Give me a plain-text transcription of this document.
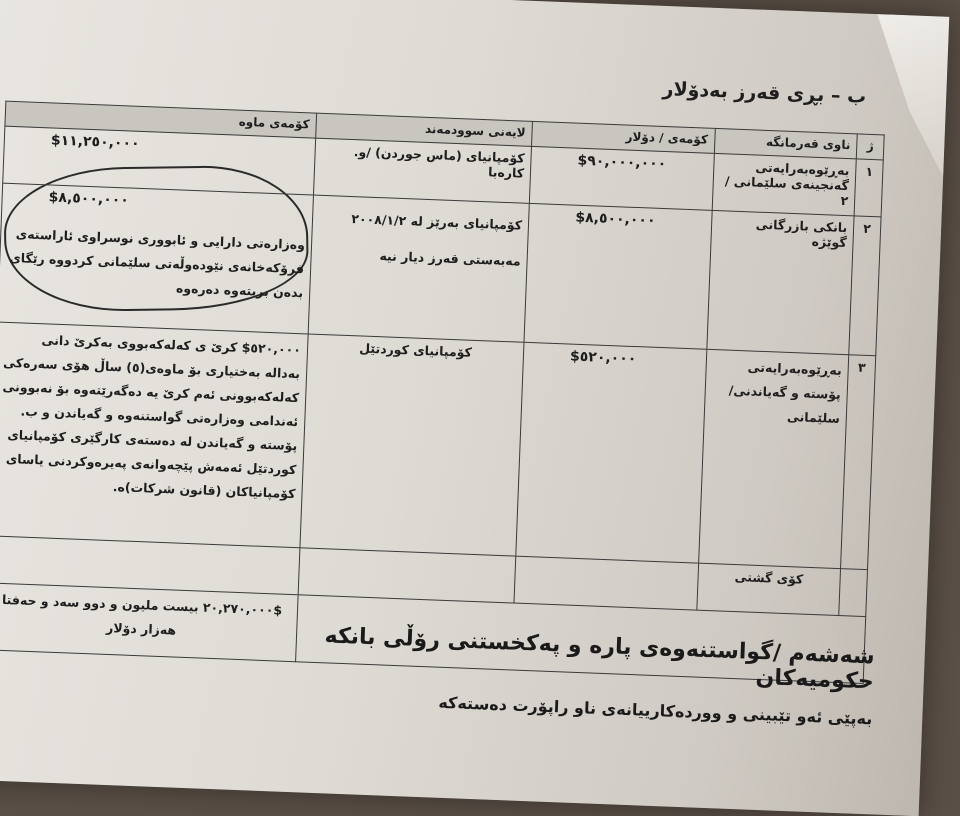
ب – بڕی قەرز بەدۆلار
ژ	ناوی قەرمانگە	کۆمەی / دۆلار	لایەنی سوودمەند	کۆمەی ماوە
١	بەڕێوەبەرایەتی گەنجینەی سلێمانی /٢	$٩٠,٠٠٠,٠٠٠	کۆمپانیای (ماس جوردن) /و. کارەبا	$١١,٢٥٠,٠٠٠

٢	بانکی بازرگانی گوێژە	$٨,٥٠٠,٠٠٠	کۆمپانیای بەرێز لە ٢٠٠٨/١/٢ مەبەستی قەرز دیار نیە	$٨,٥٠٠,٠٠٠
وەزارەتی دارایی و ئابووری نوسراوی ئاراستەی فرۆکەخانەی نێودەوڵەتی سلێمانی کردووە رێگای بدەن بریتەوە دەرەوە

٣	بەڕێوەبەرایەتی پۆستە و گەیاندنی/سلێمانی	$٥٢٠,٠٠٠	کۆمپانیای کوردتێل	$٥٢٠,٠٠٠ کرێ ی کەلەکەبووی بەکرێ دانی بەداله بەختیاری بۆ ماوەی(٥) ساڵ هۆی سەرەکی کەلەکەبوونی ئەم کرێ یە دەگەرێتەوە بۆ نەبوونی ئەندامی وەزارەتی گواستنەوە و گەیاندن و ب. پۆستە و گەیاندن لە دەستەی کارگێری کۆمپانیای کوردتێل ئەمەش پێچەوانەی پەیرەوکردنی یاسای کۆمپانیاکان (قانون شرکات)ە.

	کۆی گشتی			
				$٢٠,٢٧٠,٠٠٠ بیست ملیون و دوو سەد و حەفتا هەزار دۆلار	شەشەم /گواستنەوەی پارە و پەکخستنی رۆڵی بانکە حکومیەکان
بەپێی ئەو تێبینی و ووردەکارییانەی ناو راپۆرت دەستەکە
